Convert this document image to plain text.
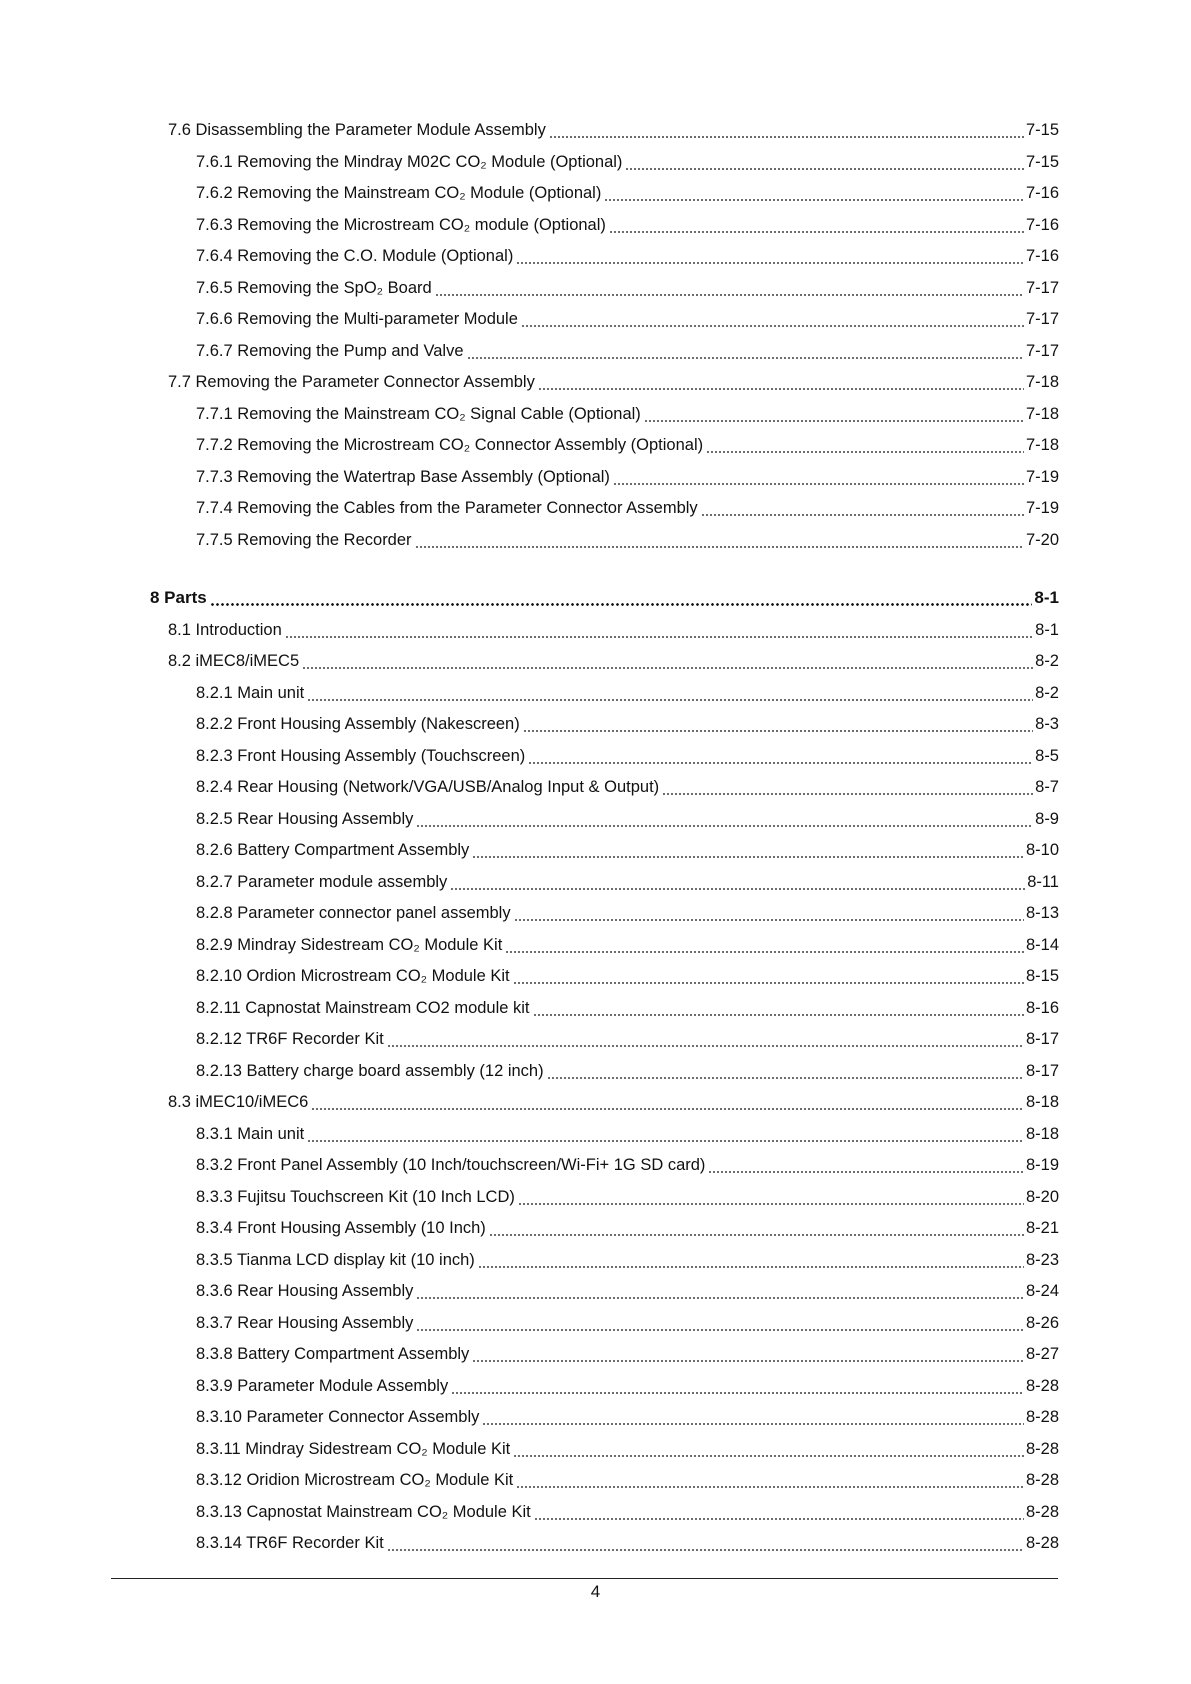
7.6 Disassembling the Parameter Module Assembly	7-15
7.6.1 Removing the Mindray M02C CO₂ Module (Optional)	7-15
7.6.2 Removing the Mainstream CO₂ Module (Optional)	7-16
7.6.3 Removing the Microstream CO₂ module (Optional)	7-16
7.6.4 Removing the C.O. Module (Optional)	7-16
7.6.5 Removing the SpO₂ Board	7-17
7.6.6 Removing the Multi-parameter Module	7-17
7.6.7 Removing the Pump and Valve	7-17
7.7 Removing the Parameter Connector Assembly	7-18
7.7.1 Removing the Mainstream CO₂ Signal Cable (Optional)	7-18
7.7.2 Removing the Microstream CO₂ Connector Assembly (Optional)	7-18
7.7.3 Removing the Watertrap Base Assembly (Optional)	7-19
7.7.4 Removing the Cables from the Parameter Connector Assembly	7-19
7.7.5 Removing the Recorder	7-20
8 Parts	8-1
8.1 Introduction	8-1
8.2 iMEC8/iMEC5	8-2
8.2.1 Main unit	8-2
8.2.2 Front Housing Assembly (Nakescreen)	8-3
8.2.3 Front Housing Assembly (Touchscreen)	8-5
8.2.4 Rear Housing (Network/VGA/USB/Analog Input & Output)	8-7
8.2.5 Rear Housing Assembly	8-9
8.2.6 Battery Compartment Assembly	8-10
8.2.7 Parameter module assembly	8-11
8.2.8 Parameter connector panel assembly	8-13
8.2.9 Mindray Sidestream CO₂ Module Kit	8-14
8.2.10 Ordion Microstream CO₂ Module Kit	8-15
8.2.11 Capnostat Mainstream CO2 module kit	8-16
8.2.12 TR6F Recorder Kit	8-17
8.2.13 Battery charge board assembly (12 inch)	8-17
8.3 iMEC10/iMEC6	8-18
8.3.1 Main unit	8-18
8.3.2 Front Panel Assembly (10 Inch/touchscreen/Wi-Fi+ 1G SD card)	8-19
8.3.3 Fujitsu Touchscreen Kit (10 Inch LCD)	8-20
8.3.4 Front Housing Assembly (10 Inch)	8-21
8.3.5 Tianma LCD display kit (10 inch)	8-23
8.3.6 Rear Housing Assembly	8-24
8.3.7 Rear Housing Assembly	8-26
8.3.8 Battery Compartment Assembly	8-27
8.3.9 Parameter Module Assembly	8-28
8.3.10 Parameter Connector Assembly	8-28
8.3.11 Mindray Sidestream CO₂ Module Kit	8-28
8.3.12 Oridion Microstream CO₂ Module Kit	8-28
8.3.13 Capnostat Mainstream CO₂ Module Kit	8-28
8.3.14 TR6F Recorder Kit	8-28
4
